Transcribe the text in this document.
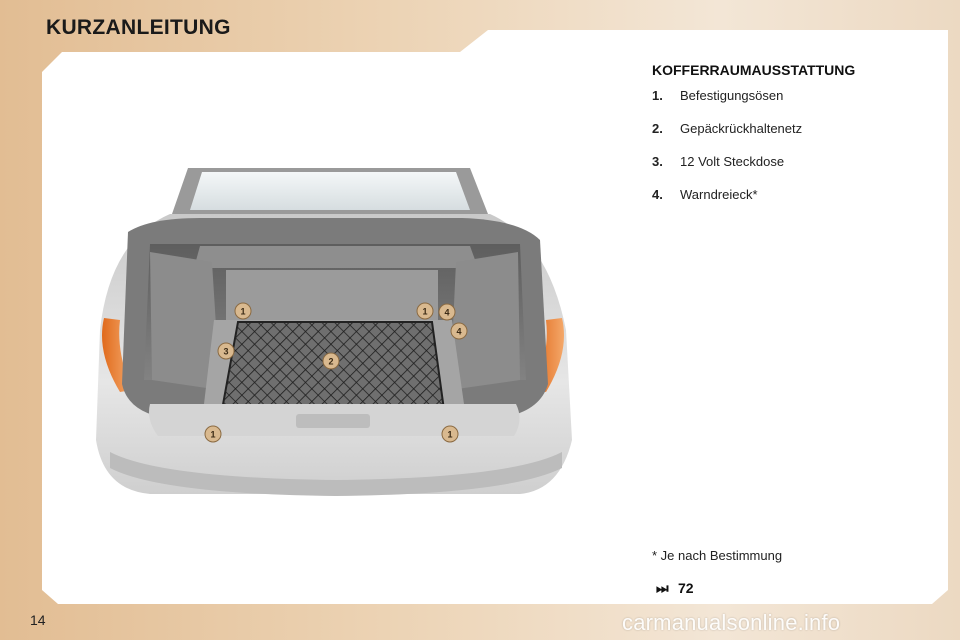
1	1 4
4
3
2
1	1
KURZANLEITUNG
KOFFERRAUMAUSSTATTUNG
1. Befestigungsösen
2. Gepäckrückhaltenetz
3. 12 Volt Steckdose
4. Warndreieck*
* Je nach Bestimmung
⏭ 72
14	carmanualsonline.info
